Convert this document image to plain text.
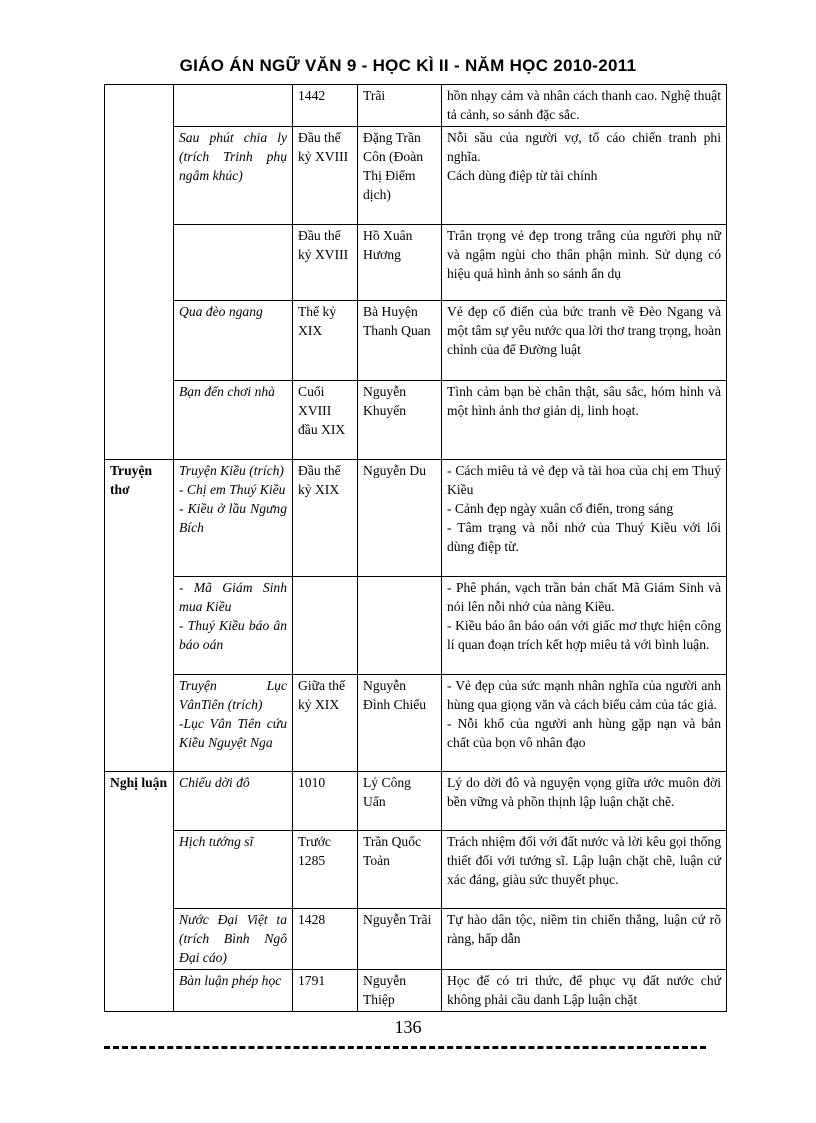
GIÁO ÁN NGỮ VĂN 9 - HỌC KÌ II - NĂM HỌC 2010-2011

		1442	Trãi	hồn nhạy cảm và nhân cách thanh cao. Nghệ thuật tả cảnh, so sánh đặc sắc.

	Sau phút chia ly (trích Trinh phụ ngâm khúc)	Đầu thế kỷ XVIII	Đặng Trần Côn (Đoàn Thị Điểm dịch)	Nỗi sầu của người vợ, tố cáo chiến tranh phi nghĩa.
Cách dùng điệp từ tài chính

		Đầu thế kỷ XVIII	Hồ Xuân Hương	Trân trọng vẻ đẹp trong trắng của người phụ nữ và ngậm ngùi cho thân phận mình. Sử dụng có hiệu quả hình ảnh so sánh ẩn dụ

	Qua đèo ngang	Thế kỷ XIX	Bà Huyện Thanh Quan	Vẻ đẹp cổ điển của bức tranh về Đèo Ngang và một tâm sự yêu nước qua lời thơ trang trọng, hoàn chỉnh của để Đường luật

	Bạn đến chơi nhà	Cuối XVIII đầu XIX	Nguyễn Khuyến	Tình cảm bạn bè chân thật, sâu sắc, hóm hỉnh và một hình ảnh thơ giản dị, linh hoạt.

Truyện thơ	Truyện Kiều (trích)
- Chị em Thuý Kiều
- Kiều ở lầu Ngưng Bích	Đầu thế kỷ XIX	Nguyễn Du	- Cách miêu tả vẻ đẹp và tài hoa của chị em Thuý Kiều
- Cảnh đẹp ngày xuân cổ điển, trong sáng
- Tâm trạng và nỗi nhớ của Thuý Kiều với lối dùng điệp từ.

	- Mã Giám Sinh mua Kiều
- Thuý Kiều báo ân báo oán			- Phê phán, vạch trần bản chất Mã Giám Sinh và nói lên nỗi nhớ của nàng Kiều.
- Kiều báo ân báo oán với giấc mơ thực hiện công lí quan đoạn trích kết hợp miêu tả với bình luận.

	Truyện Lục VânTiên (trích)
-Lục Vân Tiên cứu Kiều Nguyệt Nga	Giữa thế kỷ XIX	Nguyễn Đình Chiểu	- Vẻ đẹp của sức mạnh nhân nghĩa của người anh hùng qua giọng văn và cách biểu cảm của tác giả.
- Nỗi khổ của người anh hùng gặp nạn và bản chất của bọn vô nhân đạo

Nghị luận	Chiếu dời đô	1010	Lý Công Uẩn	Lý do dời đô và nguyện vọng giữa ước muôn đời bền vững và phồn thịnh lập luận chặt chẽ.

	Hịch tướng sĩ	Trước 1285	Trần Quốc Toản	Trách nhiệm đối với đất nước và lời kêu gọi thống thiết đối với tướng sĩ. Lập luận chặt chẽ, luận cứ xác đáng, giàu sức thuyết phục.

	Nước Đại Việt ta (trích Bình Ngô Đại cáo)	1428	Nguyễn Trãi	Tự hào dân tộc, niềm tin chiến thắng, luận cứ rõ ràng, hấp dẫn

	Bàn luận phép học	1791	Nguyễn Thiệp	Học để có tri thức, để phục vụ đất nước chứ không phải cầu danh Lập luận chặt
136
